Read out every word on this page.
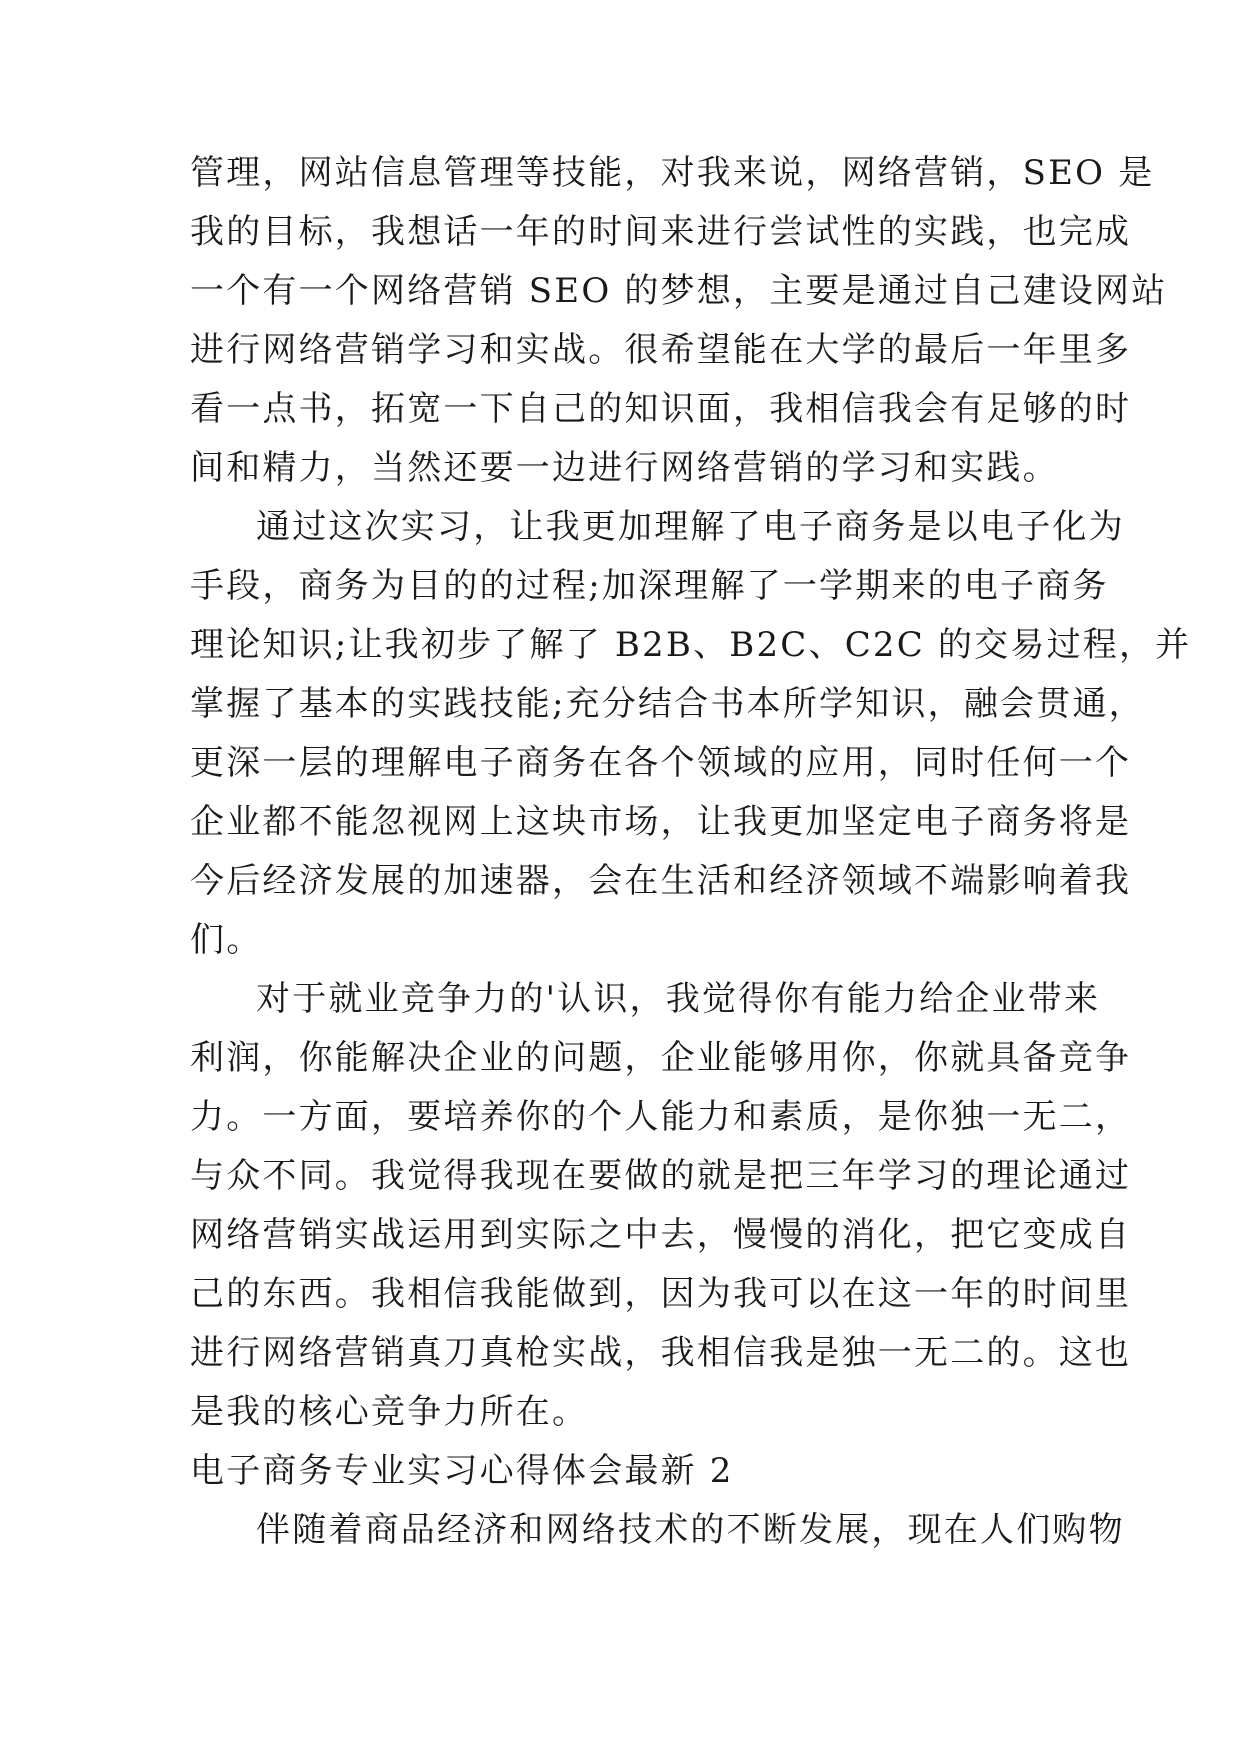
管理，网站信息管理等技能，对我来说，网络营销，SEO 是
我的目标，我想话一年的时间来进行尝试性的实践，也完成
一个有一个网络营销 SEO 的梦想，主要是通过自己建设网站
进行网络营销学习和实战。很希望能在大学的最后一年里多
看一点书，拓宽一下自己的知识面，我相信我会有足够的时
间和精力，当然还要一边进行网络营销的学习和实践。
通过这次实习，让我更加理解了电子商务是以电子化为
手段，商务为目的的过程;加深理解了一学期来的电子商务
理论知识;让我初步了解了 B2B、B2C、C2C 的交易过程，并
掌握了基本的实践技能;充分结合书本所学知识，融会贯通，
更深一层的理解电子商务在各个领域的应用，同时任何一个
企业都不能忽视网上这块市场，让我更加坚定电子商务将是
今后经济发展的加速器，会在生活和经济领域不端影响着我
们。
对于就业竞争力的'认识，我觉得你有能力给企业带来
利润，你能解决企业的问题，企业能够用你，你就具备竞争
力。一方面，要培养你的个人能力和素质，是你独一无二，
与众不同。我觉得我现在要做的就是把三年学习的理论通过
网络营销实战运用到实际之中去，慢慢的消化，把它变成自
己的东西。我相信我能做到，因为我可以在这一年的时间里
进行网络营销真刀真枪实战，我相信我是独一无二的。这也
是我的核心竞争力所在。
电子商务专业实习心得体会最新 2
伴随着商品经济和网络技术的不断发展，现在人们购物
